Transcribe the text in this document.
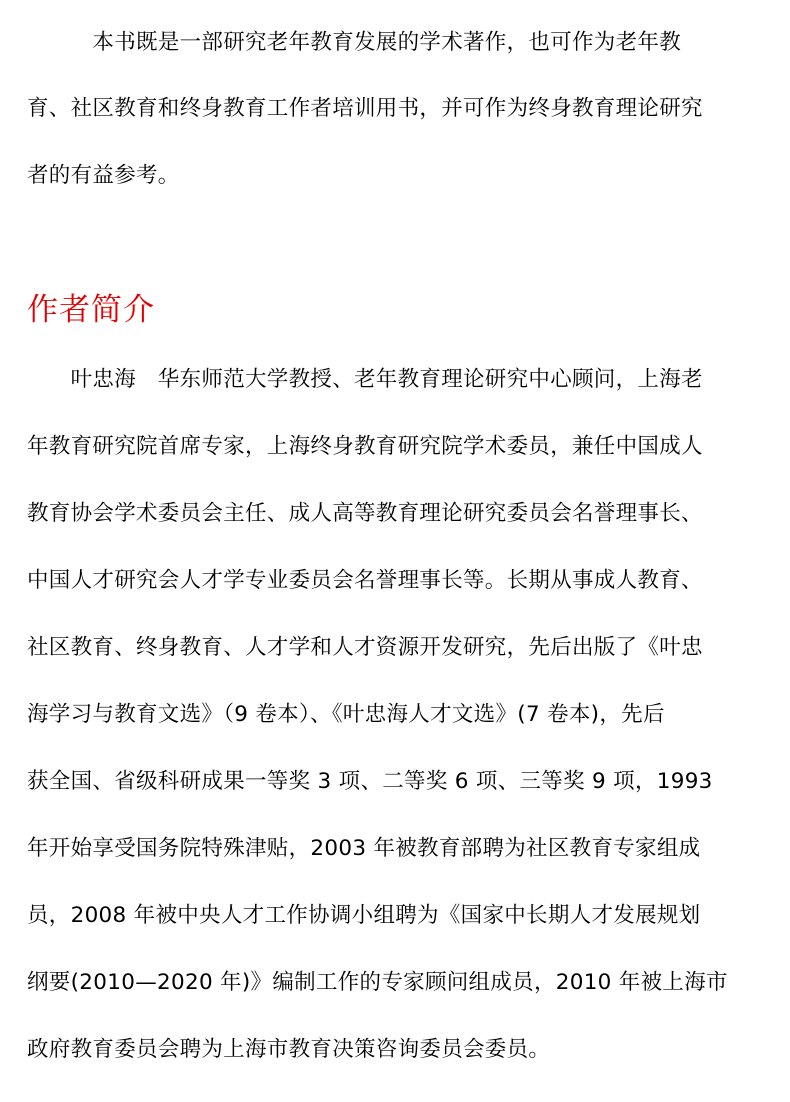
　　　本书既是一部研究老年教育发展的学术著作，也可作为老年教
育、社区教育和终身教育工作者培训用书，并可作为终身教育理论研究
者的有益参考。
作者简介
　　叶忠海　华东师范大学教授、老年教育理论研究中心顾问，上海老
年教育研究院首席专家，上海终身教育研究院学术委员，兼任中国成人
教育协会学术委员会主任、成人高等教育理论研究委员会名誉理事长、
中国人才研究会人才学专业委员会名誉理事长等。长期从事成人教育、
社区教育、终身教育、人才学和人才资源开发研究，先后出版了《叶忠
海学习与教育文选》（9 卷本）、《叶忠海人才文选》(7 卷本)，先后
获全国、省级科研成果一等奖 3 项、二等奖 6 项、三等奖 9 项，1993
年开始享受国务院特殊津贴，2003 年被教育部聘为社区教育专家组成
员，2008 年被中央人才工作协调小组聘为《国家中长期人才发展规划
纲要(2010—2020 年)》编制工作的专家顾问组成员，2010 年被上海市
政府教育委员会聘为上海市教育决策咨询委员会委员。
